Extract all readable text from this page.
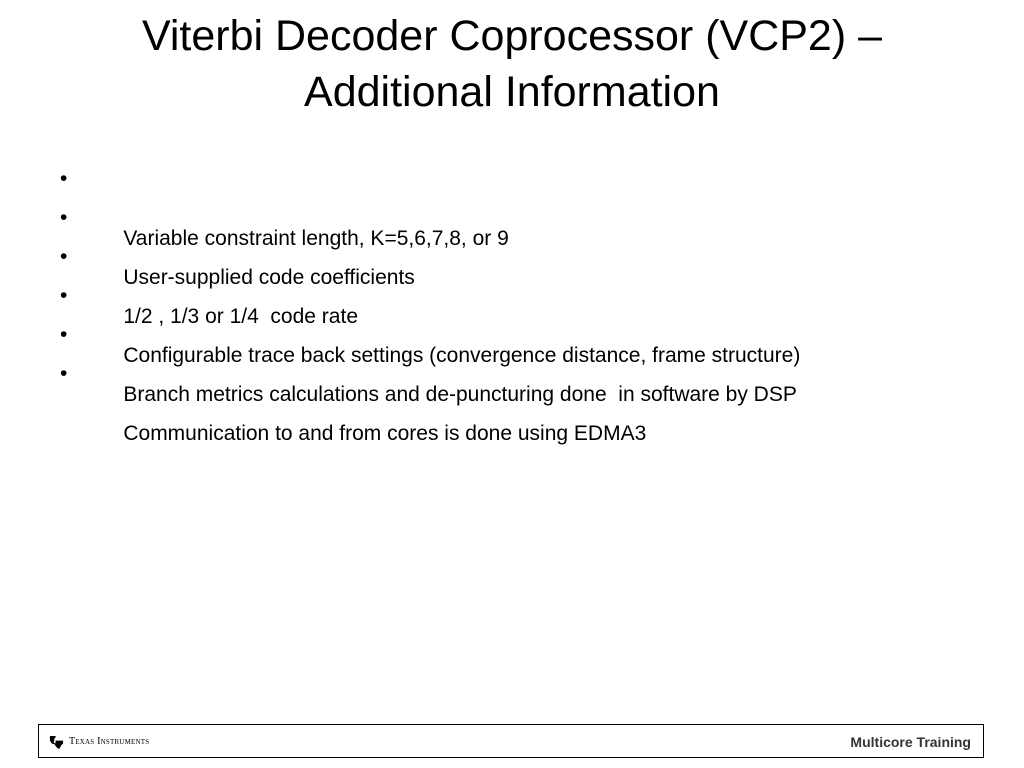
Viterbi Decoder Coprocessor (VCP2) – Additional Information

•

Variable constraint length, K=5,6,7,8, or 9

•

User-supplied code coefficients

•

1/2 , 1/3 or 1/4  code rate

•

Configurable trace back settings (convergence distance, frame structure)

•

Branch metrics calculations and de-puncturing done  in software by DSP

•

Communication to and from cores is done using EDMA3

Texas Instruments	Multicore Training
